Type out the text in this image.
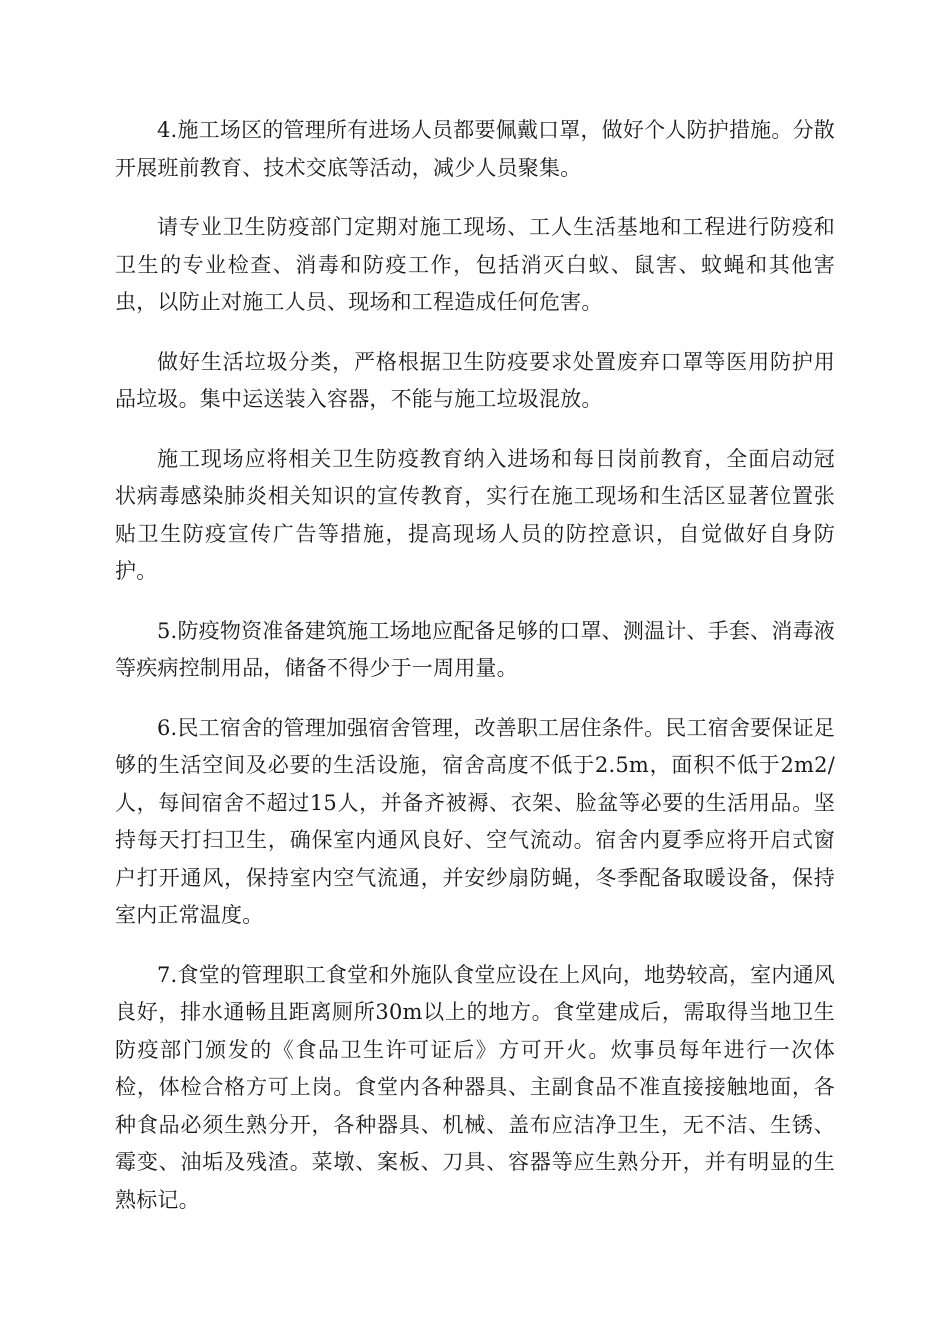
4.施工场区的管理所有进场人员都要佩戴口罩，做好个人防护措施。分散开展班前教育、技术交底等活动，减少人员聚集。

请专业卫生防疫部门定期对施工现场、工人生活基地和工程进行防疫和卫生的专业检查、消毒和防疫工作，包括消灭白蚁、鼠害、蚊蝇和其他害虫，以防止对施工人员、现场和工程造成任何危害。

做好生活垃圾分类，严格根据卫生防疫要求处置废弃口罩等医用防护用品垃圾。集中运送装入容器，不能与施工垃圾混放。

施工现场应将相关卫生防疫教育纳入进场和每日岗前教育，全面启动冠状病毒感染肺炎相关知识的宣传教育，实行在施工现场和生活区显著位置张贴卫生防疫宣传广告等措施，提高现场人员的防控意识，自觉做好自身防护。

5.防疫物资准备建筑施工场地应配备足够的口罩、测温计、手套、消毒液等疾病控制用品，储备不得少于一周用量。

6.民工宿舍的管理加强宿舍管理，改善职工居住条件。民工宿舍要保证足够的生活空间及必要的生活设施，宿舍高度不低于2.5m，面积不低于2m2/人，每间宿舍不超过15人，并备齐被褥、衣架、脸盆等必要的生活用品。坚持每天打扫卫生，确保室内通风良好、空气流动。宿舍内夏季应将开启式窗户打开通风，保持室内空气流通，并安纱扇防蝇，冬季配备取暖设备，保持室内正常温度。

7.食堂的管理职工食堂和外施队食堂应设在上风向，地势较高，室内通风良好，排水通畅且距离厕所30m以上的地方。食堂建成后，需取得当地卫生防疫部门颁发的《食品卫生许可证后》方可开火。炊事员每年进行一次体检，体检合格方可上岗。食堂内各种器具、主副食品不准直接接触地面，各种食品必须生熟分开，各种器具、机械、盖布应洁净卫生，无不洁、生锈、霉变、油垢及残渣。菜墩、案板、刀具、容器等应生熟分开，并有明显的生熟标记。
